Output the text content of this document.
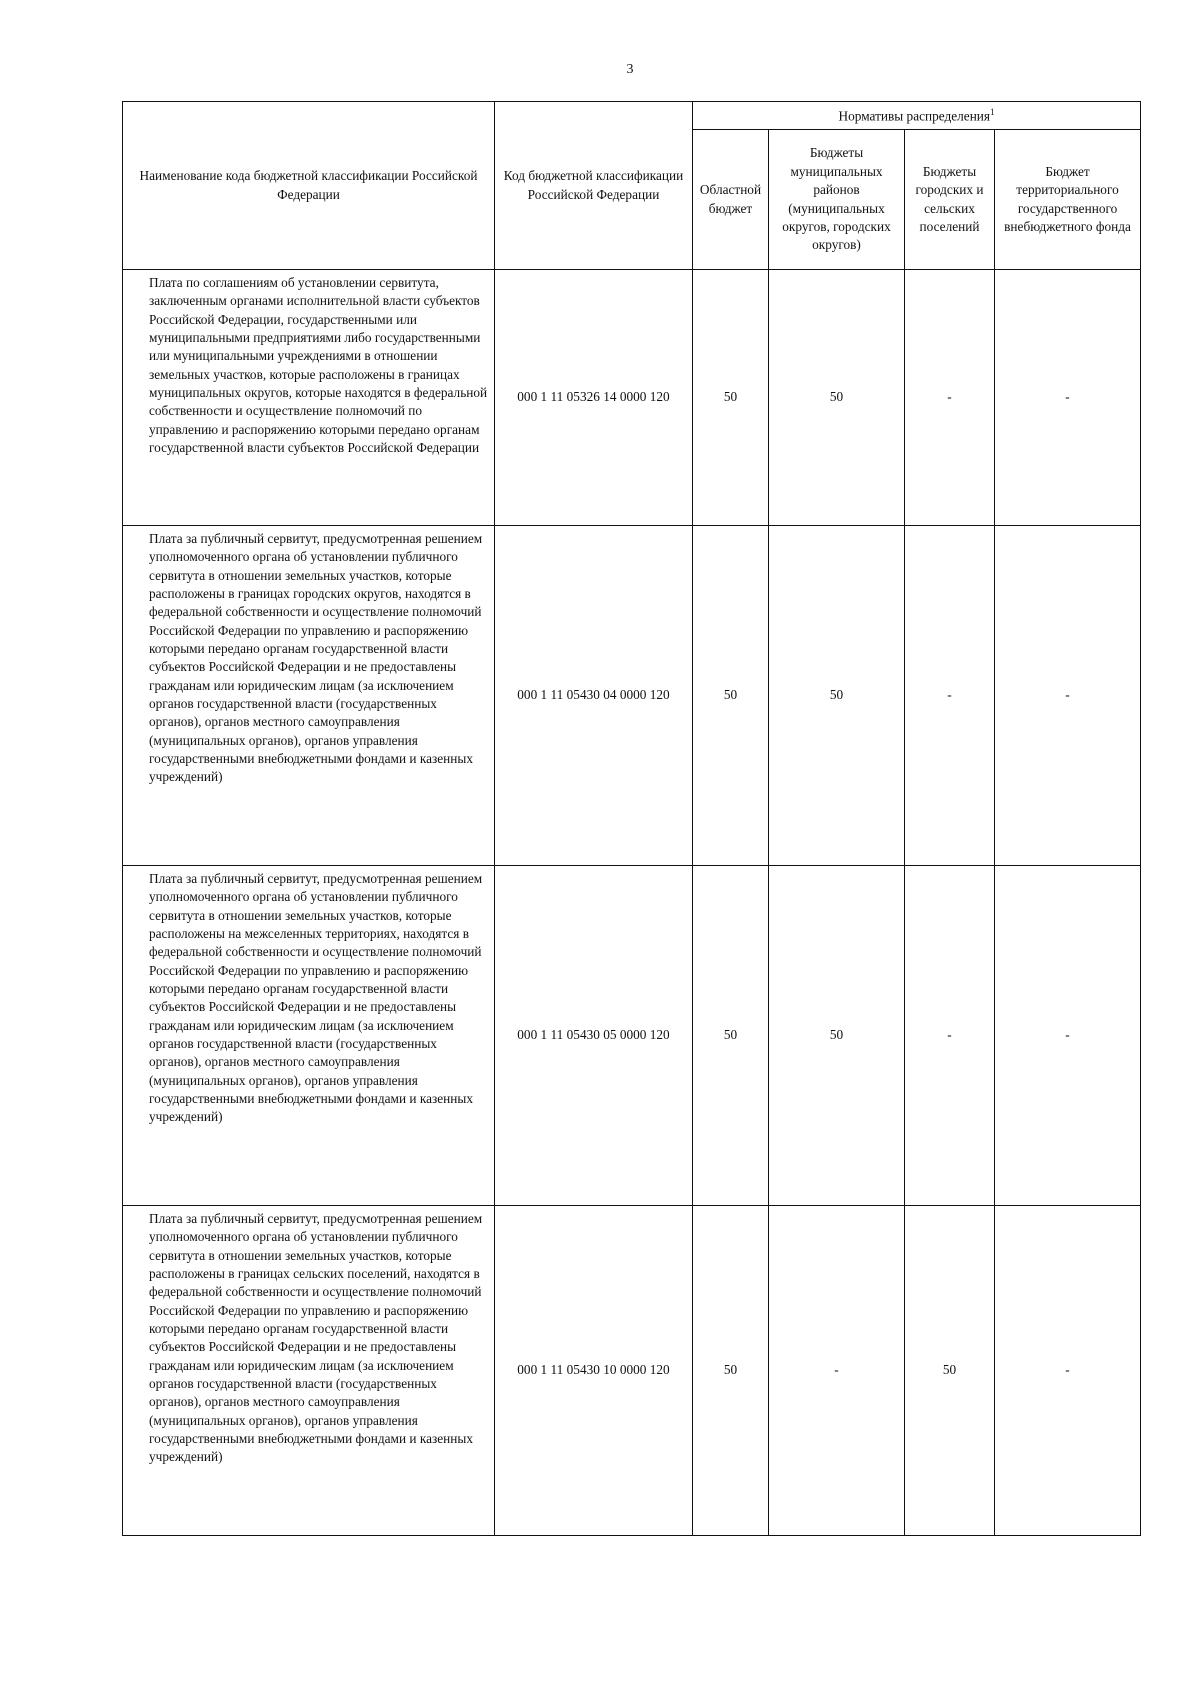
3
Наименование кода бюджетной классификации Российской Федерации	Код бюджетной классификации Российской Федерации	Нормативы распределения$^1$
		Областной бюджет	Бюджеты муниципальных районов (муниципальных округов, городских округов)	Бюджеты городских и сельских поселений	Бюджет территориального государственного внебюджетного фонда
Плата по соглашениям об установлении сервитута, заключенным органами исполнительной власти субъектов Российской Федерации, государственными или муниципальными предприятиями либо государственными или муниципальными учреждениями в отношении земельных участков, которые расположены в границах муниципальных округов, которые находятся в федеральной собственности и осуществление полномочий по управлению и распоряжению которыми передано органам государственной власти субъектов Российской Федерации	000 1 11 05326 14 0000 120	50	50	-	-
Плата за публичный сервитут, предусмотренная решением уполномоченного органа об установлении публичного сервитута в отношении земельных участков, которые расположены в границах городских округов, находятся в федеральной собственности и осуществление полномочий Российской Федерации по управлению и распоряжению которыми передано органам государственной власти субъектов Российской Федерации и не предоставлены гражданам или юридическим лицам (за исключением органов государственной власти (государственных органов), органов местного самоуправления (муниципальных органов), органов управления государственными внебюджетными фондами и казенных учреждений)	000 1 11 05430 04 0000 120	50	50	-	-
Плата за публичный сервитут, предусмотренная решением уполномоченного органа об установлении публичного сервитута в отношении земельных участков, которые расположены на межселенных территориях, находятся в федеральной собственности и осуществление полномочий Российской Федерации по управлению и распоряжению которыми передано органам государственной власти субъектов Российской Федерации и не предоставлены гражданам или юридическим лицам (за исключением органов государственной власти (государственных органов), органов местного самоуправления (муниципальных органов), органов управления государственными внебюджетными фондами и казенных учреждений)	000 1 11 05430 05 0000 120	50	50	-	-
Плата за публичный сервитут, предусмотренная решением уполномоченного органа об установлении публичного сервитута в отношении земельных участков, которые расположены в границах сельских поселений, находятся в федеральной собственности и осуществление полномочий Российской Федерации по управлению и распоряжению которыми передано органам государственной власти субъектов Российской Федерации и не предоставлены гражданам или юридическим лицам (за исключением органов государственной власти (государственных органов), органов местного самоуправления (муниципальных органов), органов управления государственными внебюджетными фондами и казенных учреждений)	000 1 11 05430 10 0000 120	50	-	50	-
